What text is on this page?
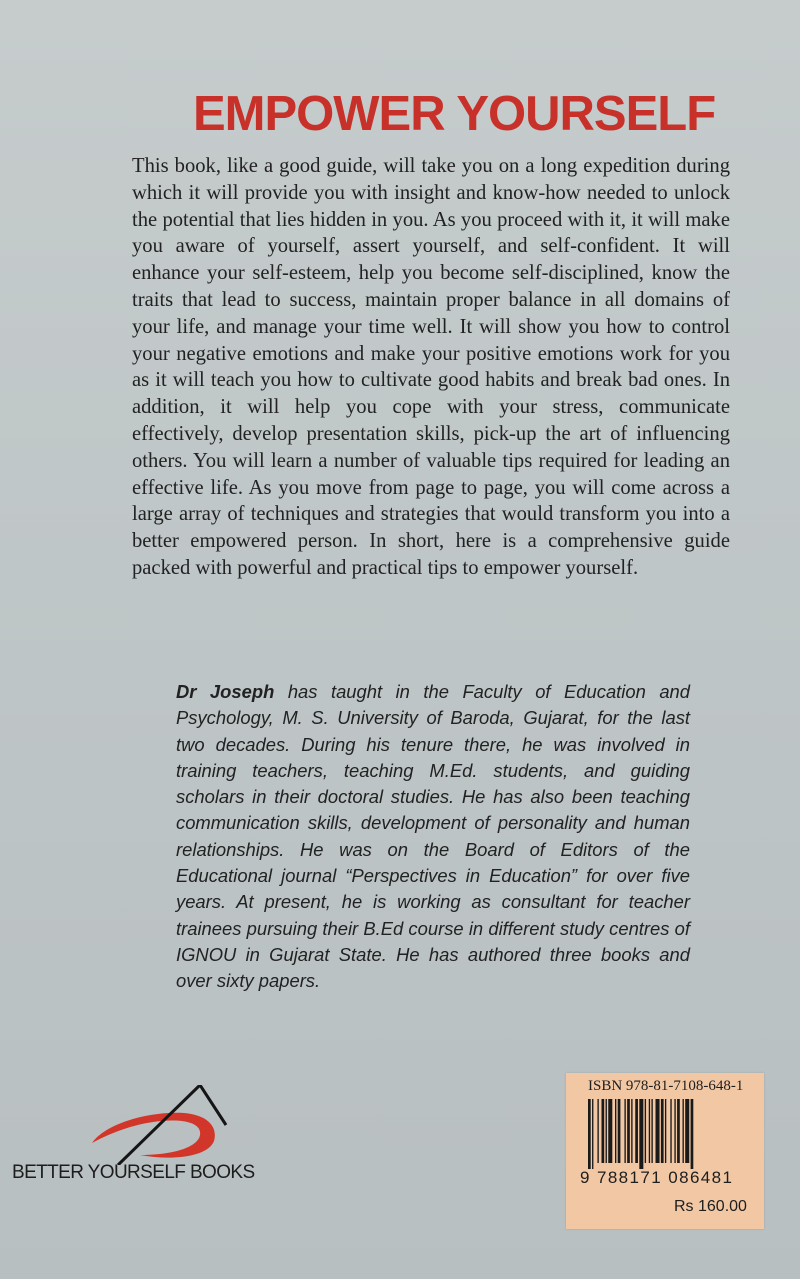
EMPOWER YOURSELF

This book, like a good guide, will take you on a long expedition during which it will provide you with insight and know-how needed to unlock the potential that lies hidden in you. As you proceed with it, it will make you aware of yourself, assert yourself, and self-confident. It will enhance your self-esteem, help you become self-disciplined, know the traits that lead to success, maintain proper balance in all domains of your life, and manage your time well. It will show you how to control your negative emotions and make your positive emotions work for you as it will teach you how to cultivate good habits and break bad ones. In addition, it will help you cope with your stress, communicate effectively, develop presentation skills, pick-up the art of influencing others. You will learn a number of valuable tips required for leading an effective life. As you move from page to page, you will come across a large array of techniques and strategies that would transform you into a better empowered person. In short, here is a comprehensive guide packed with powerful and practical tips to empower yourself.

Dr Joseph has taught in the Faculty of Education and Psychology, M. S. University of Baroda, Gujarat, for the last two decades. During his tenure there, he was involved in training teachers, teaching M.Ed. students, and guiding scholars in their doctoral studies. He has also been teaching communication skills, development of personality and human relationships. He was on the Board of Editors of the Educational journal “Perspectives in Education” for over five years. At present, he is working as consultant for teacher trainees pursuing their B.Ed course in different study centres of IGNOU in Gujarat State. He has authored three books and over sixty papers.

BETTER YOURSELF BOOKS

ISBN 978-81-7108-648-1

9 788171 086481

Rs 160.00
